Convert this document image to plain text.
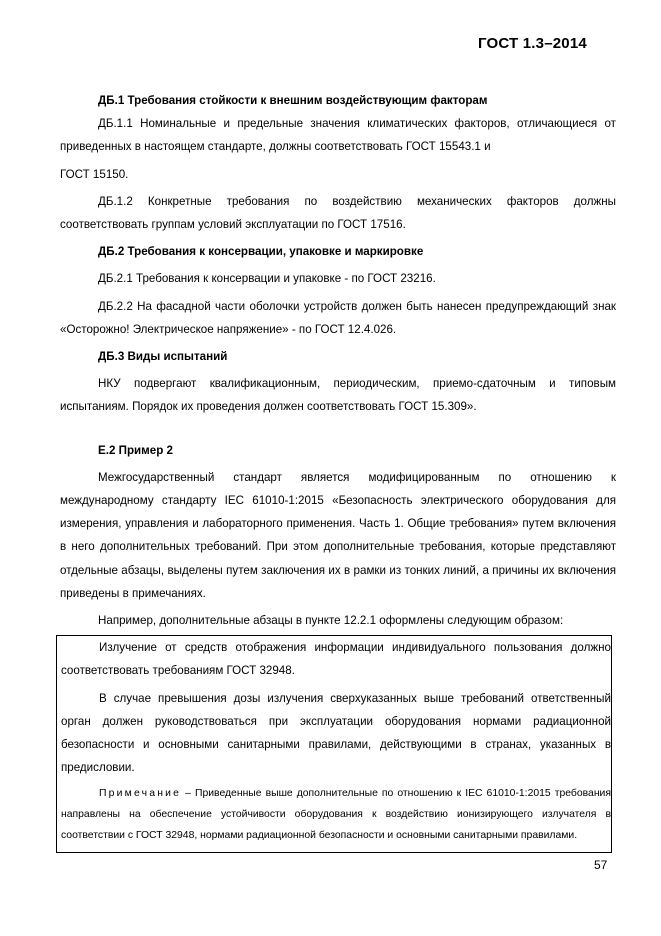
ГОСТ 1.3–2014

ДБ.1 Требования стойкости к внешним воздействующим факторам

ДБ.1.1 Номинальные и предельные значения климатических факторов, отличающиеся от приведенных в настоящем стандарте, должны соответствовать ГОСТ 15543.1 и

ГОСТ 15150.

ДБ.1.2 Конкретные требования по воздействию механических факторов должны соответствовать группам условий эксплуатации по ГОСТ 17516.

ДБ.2 Требования к консервации, упаковке и маркировке

ДБ.2.1 Требования к консервации и упаковке - по ГОСТ 23216.

ДБ.2.2 На фасадной части оболочки устройств должен быть нанесен предупреждающий знак «Осторожно! Электрическое напряжение» - по ГОСТ 12.4.026.

ДБ.3 Виды испытаний

НКУ подвергают квалификационным, периодическим, приемо-сдаточным и типовым испытаниям. Порядок их проведения должен соответствовать ГОСТ 15.309».

Е.2 Пример 2

Межгосударственный стандарт является модифицированным по отношению к международному стандарту IEC 61010-1:2015 «Безопасность электрического оборудования для измерения, управления и лабораторного применения. Часть 1. Общие требования» путем включения в него дополнительных требований. При этом дополнительные требования, которые представляют отдельные абзацы, выделены путем заключения их в рамки из тонких линий, а причины их включения приведены в примечаниях.

Например, дополнительные абзацы в пункте 12.2.1 оформлены следующим образом:

Излучение от средств отображения информации индивидуального пользования должно соответствовать требованиям ГОСТ 32948.

В случае превышения дозы излучения сверхуказанных выше требований ответственный орган должен руководствоваться при эксплуатации оборудования нормами радиационной безопасности и основными санитарными правилами, действующими в странах, указанных в предисловии.

Примечание – Приведенные выше дополнительные по отношению к IEC 61010-1:2015 требования направлены на обеспечение устойчивости оборудования к воздействию ионизирующего излучателя в соответствии с ГОСТ 32948, нормами радиационной безопасности и основными санитарными правилами.

57
